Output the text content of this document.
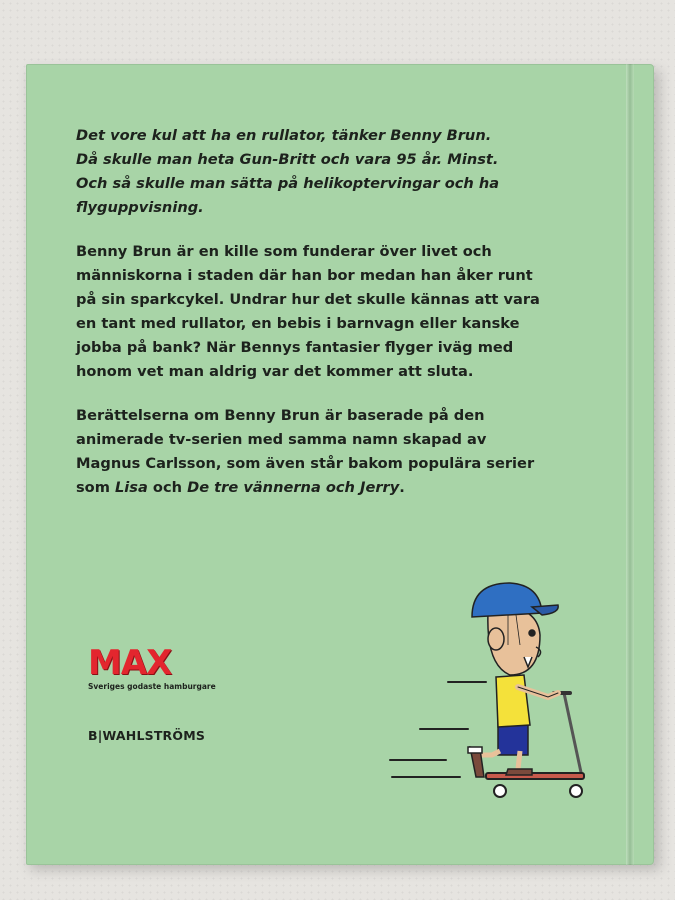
Det vore kul att ha en rullator, tänker Benny Brun.
Då skulle man heta Gun-Britt och vara 95 år. Minst.
Och så skulle man sätta på helikoptervingar och ha
flyguppvisning.

Benny Brun är en kille som funderar över livet och
människorna i staden där han bor medan han åker runt
på sin sparkcykel. Undrar hur det skulle kännas att vara
en tant med rullator, en bebis i barnvagn eller kanske
jobba på bank? När Bennys fantasier flyger iväg med
honom vet man aldrig var det kommer att sluta.

Berättelserna om Benny Brun är baserade på den
animerade tv-serien med samma namn skapad av
Magnus Carlsson, som även står bakom populära serier
som Lisa och De tre vännerna och Jerry.

MAX
Sveriges godaste hamburgare
B|WAHLSTRÖMS
